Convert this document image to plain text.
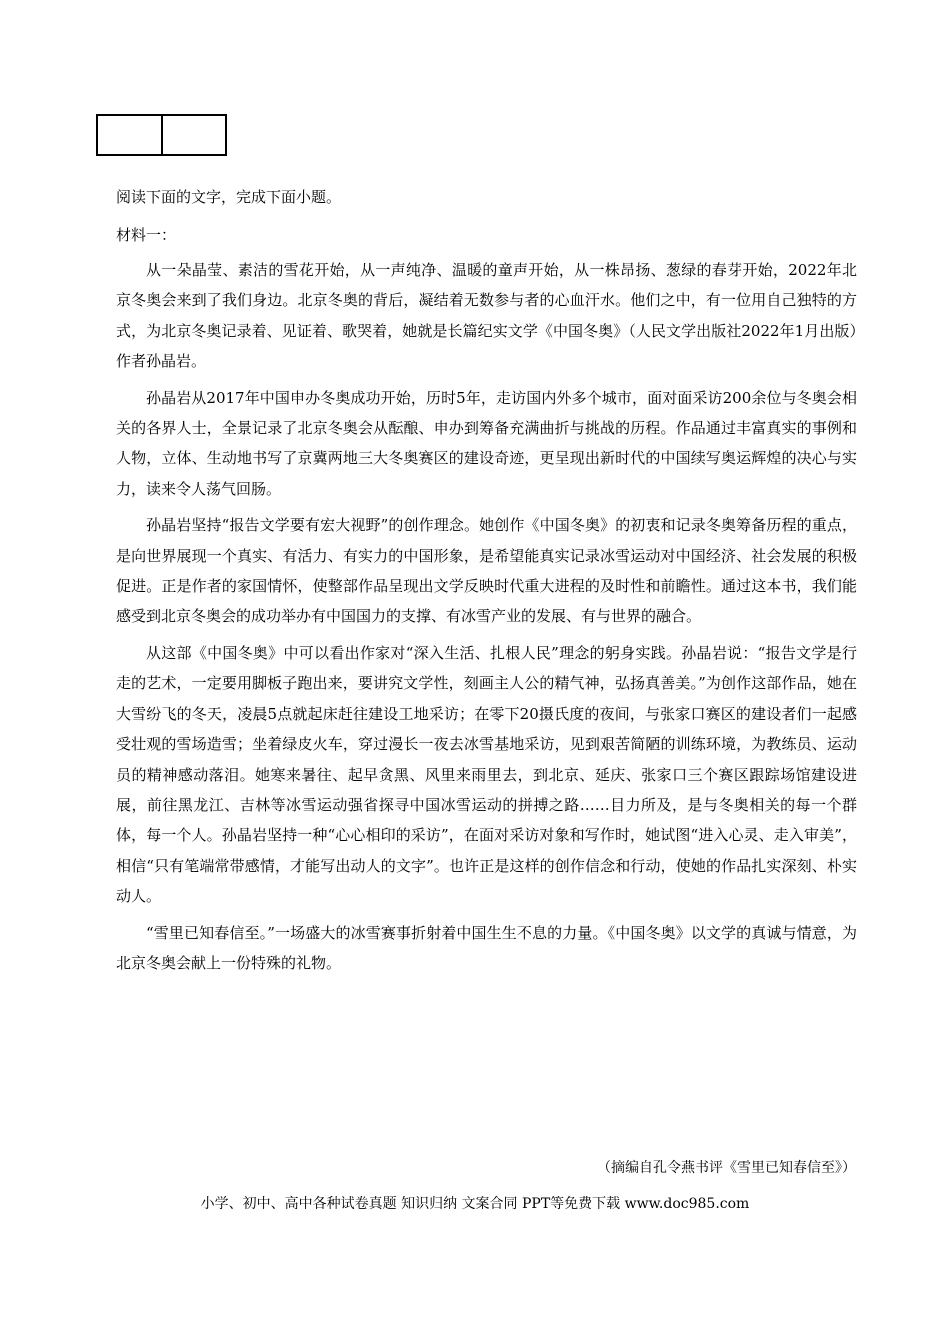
阅读下面的文字，完成下面小题。
材料一：

从一朵晶莹、素洁的雪花开始，从一声纯净、温暖的童声开始，从一株昂扬、葱绿的春芽开始，2022年北京冬奥会来到了我们身边。北京冬奥的背后，凝结着无数参与者的心血汗水。他们之中，有一位用自己独特的方式，为北京冬奥记录着、见证着、歌哭着，她就是长篇纪实文学《中国冬奥》（人民文学出版社2022年1月出版）作者孙晶岩。

孙晶岩从2017年中国申办冬奥成功开始，历时5年，走访国内外多个城市，面对面采访200余位与冬奥会相关的各界人士，全景记录了北京冬奥会从酝酿、申办到筹备充满曲折与挑战的历程。作品通过丰富真实的事例和人物，立体、生动地书写了京冀两地三大冬奥赛区的建设奇迹，更呈现出新时代的中国续写奥运辉煌的决心与实力，读来令人荡气回肠。

孙晶岩坚持“报告文学要有宏大视野”的创作理念。她创作《中国冬奥》的初衷和记录冬奥筹备历程的重点，是向世界展现一个真实、有活力、有实力的中国形象，是希望能真实记录冰雪运动对中国经济、社会发展的积极促进。正是作者的家国情怀，使整部作品呈现出文学反映时代重大进程的及时性和前瞻性。通过这本书，我们能感受到北京冬奥会的成功举办有中国国力的支撑、有冰雪产业的发展、有与世界的融合。

从这部《中国冬奥》中可以看出作家对“深入生活、扎根人民”理念的躬身实践。孙晶岩说：“报告文学是行走的艺术，一定要用脚板子跑出来，要讲究文学性，刻画主人公的精气神，弘扬真善美。”为创作这部作品，她在大雪纷飞的冬天，凌晨5点就起床赶往建设工地采访；在零下20摄氏度的夜间，与张家口赛区的建设者们一起感受壮观的雪场造雪；坐着绿皮火车，穿过漫长一夜去冰雪基地采访，见到艰苦简陋的训练环境，为教练员、运动员的精神感动落泪。她寒来暑往、起早贪黑、风里来雨里去，到北京、延庆、张家口三个赛区跟踪场馆建设进展，前往黑龙江、吉林等冰雪运动强省探寻中国冰雪运动的拼搏之路……目力所及，是与冬奥相关的每一个群体，每一个人。孙晶岩坚持一种“心心相印的采访”，在面对采访对象和写作时，她试图“进入心灵、走入审美”，相信“只有笔端常带感情，才能写出动人的文字”。也许正是这样的创作信念和行动，使她的作品扎实深刻、朴实动人。

“雪里已知春信至。”一场盛大的冰雪赛事折射着中国生生不息的力量。《中国冬奥》以文学的真诚与情意，为北京冬奥会献上一份特殊的礼物。

（摘编自孔令燕书评《雪里已知春信至》）
小学、初中、高中各种试卷真题 知识归纳 文案合同 PPT等免费下载 www.doc985.com
